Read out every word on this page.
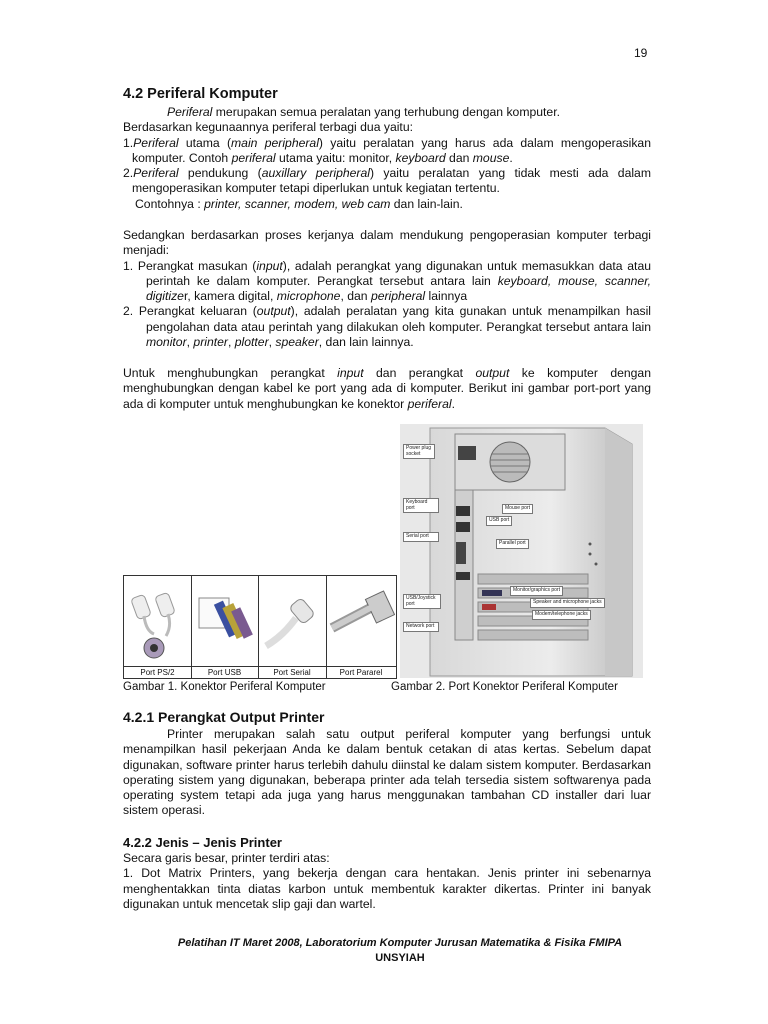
19
4.2 Periferal Komputer

Periferal merupakan semua peralatan yang terhubung dengan komputer.

Berdasarkan kegunaannya periferal terbagi dua yaitu:

1.Periferal utama (main peripheral) yaitu peralatan yang harus ada dalam mengoperasikan komputer. Contoh periferal utama yaitu: monitor, keyboard dan mouse.

2.Periferal pendukung (auxillary peripheral) yaitu peralatan yang tidak mesti ada dalam mengoperasikan komputer tetapi diperlukan untuk kegiatan tertentu.

Contohnya : printer, scanner, modem, web cam dan lain-lain.

Sedangkan berdasarkan proses kerjanya dalam mendukung pengoperasian komputer terbagi menjadi:

1. Perangkat masukan (input), adalah perangkat yang digunakan untuk memasukkan data atau perintah ke dalam komputer. Perangkat tersebut antara lain keyboard, mouse, scanner, digitizer, kamera digital, microphone, dan peripheral lainnya

2. Perangkat keluaran (output), adalah peralatan yang kita gunakan untuk menampilkan hasil pengolahan data atau perintah yang dilakukan oleh komputer. Perangkat tersebut antara lain monitor, printer, plotter, speaker, dan lain lainnya.

Untuk menghubungkan perangkat input dan perangkat output ke komputer dengan menghubungkan dengan kabel ke port yang ada di komputer. Berikut ini gambar port-port yang ada di komputer untuk menghubungkan ke konektor periferal.
Port PS/2	Port USB	Port Serial	Port Pararel
Gambar 1. Konektor Periferal Komputer
Power plug socket
Keyboard port
Serial port
USB/Joystick port
Network port
Mouse port
USB port
Parallel port
Monitor/graphics port
Speaker and microphone jacks
Modem/telephone jacks
Gambar 2. Port Konektor Periferal Komputer
4.2.1 Perangkat Output Printer
Printer merupakan salah satu output periferal komputer yang berfungsi untuk menampilkan hasil pekerjaan Anda ke dalam bentuk cetakan di atas kertas. Sebelum dapat digunakan, software printer harus terlebih dahulu diinstal ke dalam sistem komputer. Berdasarkan operating sistem yang digunakan, beberapa printer ada telah tersedia sistem softwarenya pada operating system tetapi ada juga yang harus menggunakan tambahan CD installer dari luar sistem operasi.
4.2.2 Jenis – Jenis Printer

Secara garis besar, printer terdiri atas:

1. Dot Matrix Printers, yang bekerja dengan cara hentakan. Jenis printer ini sebenarnya menghentakkan tinta diatas karbon untuk membentuk karakter dikertas. Printer ini banyak digunakan untuk mencetak slip gaji dan wartel.

Pelatihan IT Maret 2008, Laboratorium Komputer Jurusan Matematika & Fisika FMIPA
UNSYIAH
